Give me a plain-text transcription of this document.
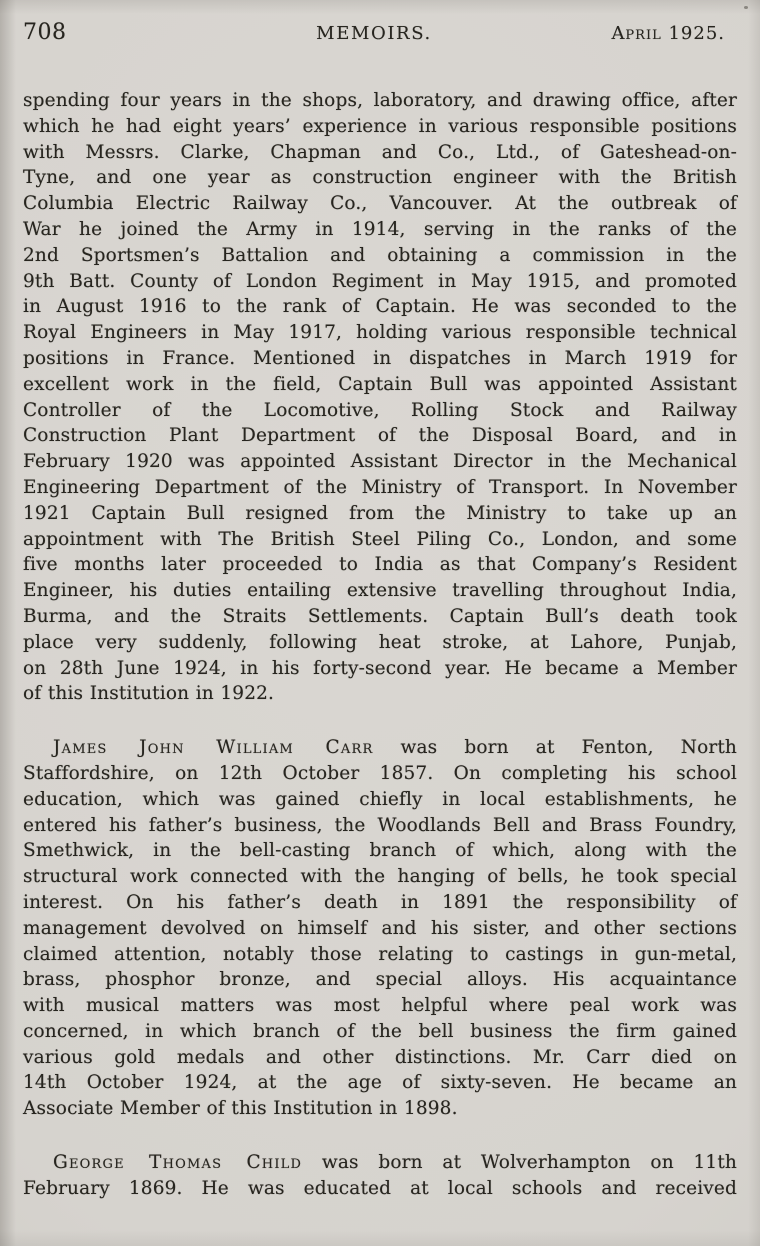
708	MEMOIRS.	April 1925.

spending four years in the shops, laboratory, and drawing office, after
which he had eight years’ experience in various responsible positions
with Messrs. Clarke, Chapman and Co., Ltd., of Gateshead-on-
Tyne, and one year as construction engineer with the British
Columbia Electric Railway Co., Vancouver. At the outbreak of
War he joined the Army in 1914, serving in the ranks of the
2nd Sportsmen’s Battalion and obtaining a commission in the
9th Batt. County of London Regiment in May 1915, and promoted
in August 1916 to the rank of Captain. He was seconded to the
Royal Engineers in May 1917, holding various responsible technical
positions in France. Mentioned in dispatches in March 1919 for
excellent work in the field, Captain Bull was appointed Assistant
Controller of the Locomotive, Rolling Stock and Railway
Construction Plant Department of the Disposal Board, and in
February 1920 was appointed Assistant Director in the Mechanical
Engineering Department of the Ministry of Transport. In November
1921 Captain Bull resigned from the Ministry to take up an
appointment with The British Steel Piling Co., London, and some
five months later proceeded to India as that Company’s Resident
Engineer, his duties entailing extensive travelling throughout India,
Burma, and the Straits Settlements. Captain Bull’s death took
place very suddenly, following heat stroke, at Lahore, Punjab,
on 28th June 1924, in his forty-second year. He became a Member
of this Institution in 1922.

James John William Carr was born at Fenton, North
Staffordshire, on 12th October 1857. On completing his school
education, which was gained chiefly in local establishments, he
entered his father’s business, the Woodlands Bell and Brass Foundry,
Smethwick, in the bell-casting branch of which, along with the
structural work connected with the hanging of bells, he took special
interest. On his father’s death in 1891 the responsibility of
management devolved on himself and his sister, and other sections
claimed attention, notably those relating to castings in gun-metal,
brass, phosphor bronze, and special alloys. His acquaintance
with musical matters was most helpful where peal work was
concerned, in which branch of the bell business the firm gained
various gold medals and other distinctions. Mr. Carr died on
14th October 1924, at the age of sixty-seven. He became an
Associate Member of this Institution in 1898.

George Thomas Child was born at Wolverhampton on 11th
February 1869. He was educated at local schools and received
